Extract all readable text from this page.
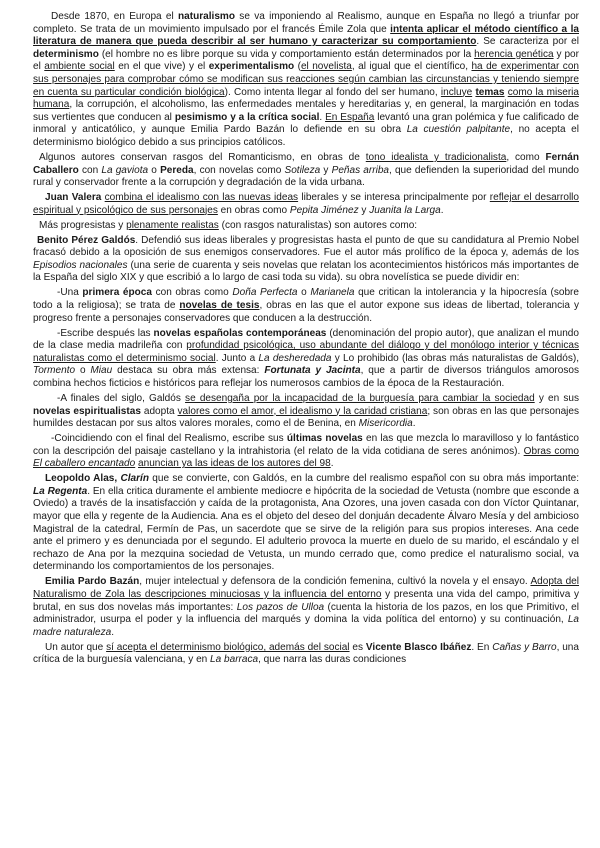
Desde 1870, en Europa el naturalismo se va imponiendo al Realismo, aunque en España no llegó a triunfar por completo. Se trata de un movimiento impulsado por el francés Émile Zola que intenta aplicar el método científico a la literatura de manera que pueda describir al ser humano y caracterizar su comportamiento. Se caracteriza por el determinismo (el hombre no es libre porque su vida y comportamiento están determinados por la herencia genética y por el ambiente social en el que vive) y el experimentalismo (el novelista, al igual que el científico, ha de experimentar con sus personajes para comprobar cómo se modifican sus reacciones según cambian las circunstancias y teniendo siempre en cuenta su particular condición biológica). Como intenta llegar al fondo del ser humano, incluye temas como la miseria humana, la corrupción, el alcoholismo, las enfermedades mentales y hereditarias y, en general, la marginación en todas sus vertientes que conducen al pesimismo y a la crítica social. En España levantó una gran polémica y fue calificado de inmoral y anticatólico, y aunque Emilia Pardo Bazán lo defiende en su obra La cuestión palpitante, no acepta el determinismo biológico debido a sus principios católicos.

Algunos autores conservan rasgos del Romanticismo, en obras de tono idealista y tradicionalista, como Fernán Caballero con La gaviota o Pereda, con novelas como Sotileza y Peñas arriba, que defienden la superioridad del mundo rural y conservador frente a la corrupción y degradación de la vida urbana.

Juan Valera combina el idealismo con las nuevas ideas liberales y se interesa principalmente por reflejar el desarrollo espiritual y psicológico de sus personajes en obras como Pepita Jiménez y Juanita la Larga.

Más progresistas y plenamente realistas (con rasgos naturalistas) son autores como:

Benito Pérez Galdós. Defendió sus ideas liberales y progresistas hasta el punto de que su candidatura al Premio Nobel fracasó debido a la oposición de sus enemigos conservadores. Fue el autor más prolífico de la época y, además de los Episodios nacionales (una serie de cuarenta y seis novelas que relatan los acontecimientos históricos más importantes de la España del siglo XIX y que escribió a lo largo de casi toda su vida). su obra novelística se puede dividir en:

-Una primera época con obras como Doña Perfecta o Marianela que critican la intolerancia y la hipocresía (sobre todo a la religiosa); se trata de novelas de tesis, obras en las que el autor expone sus ideas de libertad, tolerancia y progreso frente a personajes conservadores que conducen a la destrucción.

-Escribe después las novelas españolas contemporáneas (denominación del propio autor), que analizan el mundo de la clase media madrileña con profundidad psicológica, uso abundante del diálogo y del monólogo interior y técnicas naturalistas como el determinismo social. Junto a La desheredada y Lo prohibido (las obras más naturalistas de Galdós), Tormento o Miau destaca su obra más extensa: Fortunata y Jacinta, que a partir de diversos triángulos amorosos combina hechos ficticios e históricos para reflejar los numerosos cambios de la época de la Restauración.

-A finales del siglo, Galdós se desengaña por la incapacidad de la burguesía para cambiar la sociedad y en sus novelas espiritualistas adopta valores como el amor, el idealismo y la caridad cristiana; son obras en las que personajes humildes destacan por sus altos valores morales, como el de Benina, en Misericordia.

-Coincidiendo con el final del Realismo, escribe sus últimas novelas en las que mezcla lo maravilloso y lo fantástico con la descripción del paisaje castellano y la intrahistoria (el relato de la vida cotidiana de seres anónimos). Obras como El caballero encantado anuncian ya las ideas de los autores del 98.

Leopoldo Alas, Clarín que se convierte, con Galdós, en la cumbre del realismo español con su obra más importante: La Regenta. En ella critica duramente el ambiente mediocre e hipócrita de la sociedad de Vetusta (nombre que esconde a Oviedo) a través de la insatisfacción y caída de la protagonista, Ana Ozores, una joven casada con don Víctor Quintanar, mayor que ella y regente de la Audiencia. Ana es el objeto del deseo del donjuán decadente Álvaro Mesía y del ambicioso Magistral de la catedral, Fermín de Pas, un sacerdote que se sirve de la religión para sus propios intereses. Ana cede ante el primero y es denunciada por el segundo. El adulterio provoca la muerte en duelo de su marido, el escándalo y el rechazo de Ana por la mezquina sociedad de Vetusta, un mundo cerrado que, como predice el naturalismo social, va determinando los comportamientos de los personajes.

Emilia Pardo Bazán, mujer intelectual y defensora de la condición femenina, cultivó la novela y el ensayo. Adopta del Naturalismo de Zola las descripciones minuciosas y la influencia del entorno y presenta una vida del campo, primitiva y brutal, en sus dos novelas más importantes: Los pazos de Ulloa (cuenta la historia de los pazos, en los que Primitivo, el administrador, usurpa el poder y la influencia del marqués y domina la vida política del entorno) y su continuación, La madre naturaleza.

Un autor que sí acepta el determinismo biológico, además del social es Vicente Blasco Ibáñez. En Cañas y Barro, una crítica de la burguesía valenciana, y en La barraca, que narra las duras condiciones
